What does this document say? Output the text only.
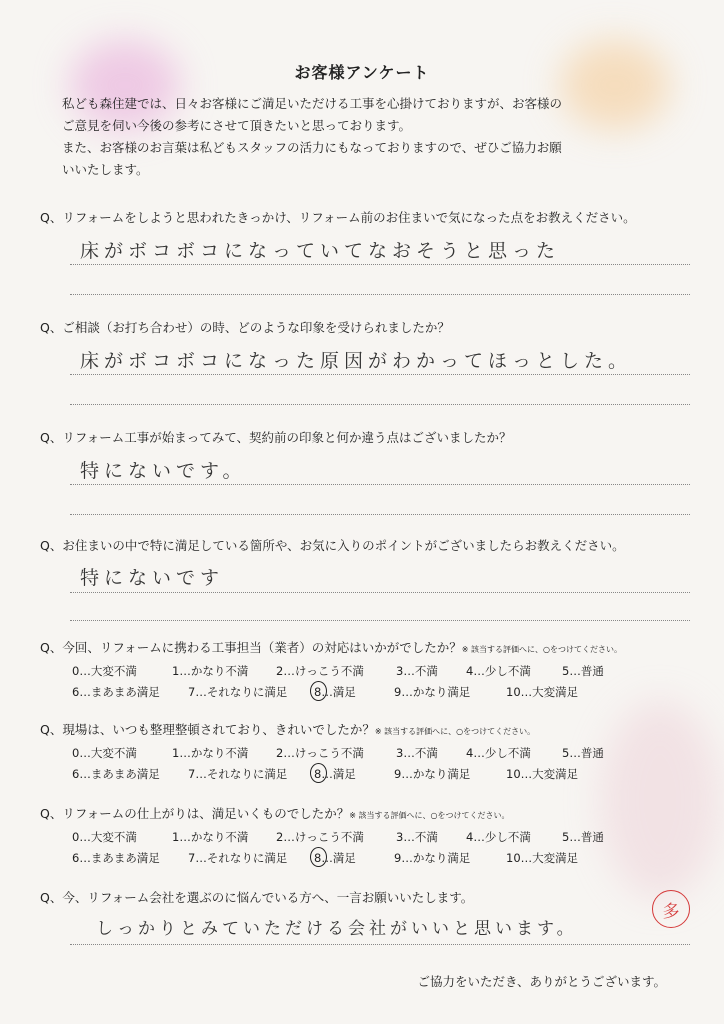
お客様アンケート

私ども森住建では、日々お客様にご満足いただける工事を心掛けておりますが、お客様の

ご意見を伺い今後の参考にさせて頂きたいと思っております。

また、お客様のお言葉は私どもスタッフの活力にもなっておりますので、ぜひご協力お願

いいたします。

Q、リフォームをしようと思われたきっかけ、リフォーム前のお住まいで気になった点をお教えください。
床がボコボコになっていてなおそうと思った
Q、ご相談（お打ち合わせ）の時、どのような印象を受けられましたか？
床がボコボコになった原因がわかってほっとした。
Q、リフォーム工事が始まってみて、契約前の印象と何か違う点はございましたか？
特にないです。
Q、お住まいの中で特に満足している箇所や、お気に入りのポイントがございましたらお教えください。
特にないです
Q、今回、リフォームに携わる工事担当（業者）の対応はいかがでしたか？※ 該当する評価へに、○をつけてください。
0…大変不満	1…かなり不満	2…けっこう不満	3…不満	4…少し不満	5…普通
6…まあまあ満足	7…それなりに満足	8…満足	9…かなり満足	10…大変満足
Q、現場は、いつも整理整頓されており、きれいでしたか？※ 該当する評価へに、○をつけてください。
0…大変不満	1…かなり不満	2…けっこう不満	3…不満	4…少し不満	5…普通
6…まあまあ満足	7…それなりに満足	8…満足	9…かなり満足	10…大変満足
Q、リフォームの仕上がりは、満足いくものでしたか？※ 該当する評価へに、○をつけてください。
0…大変不満	1…かなり不満	2…けっこう不満	3…不満	4…少し不満	5…普通
6…まあまあ満足	7…それなりに満足	8…満足	9…かなり満足	10…大変満足
Q、今、リフォーム会社を選ぶのに悩んでいる方へ、一言お願いいたします。
しっかりとみていただける会社がいいと思います。
多
ご協力をいただき、ありがとうございます。
